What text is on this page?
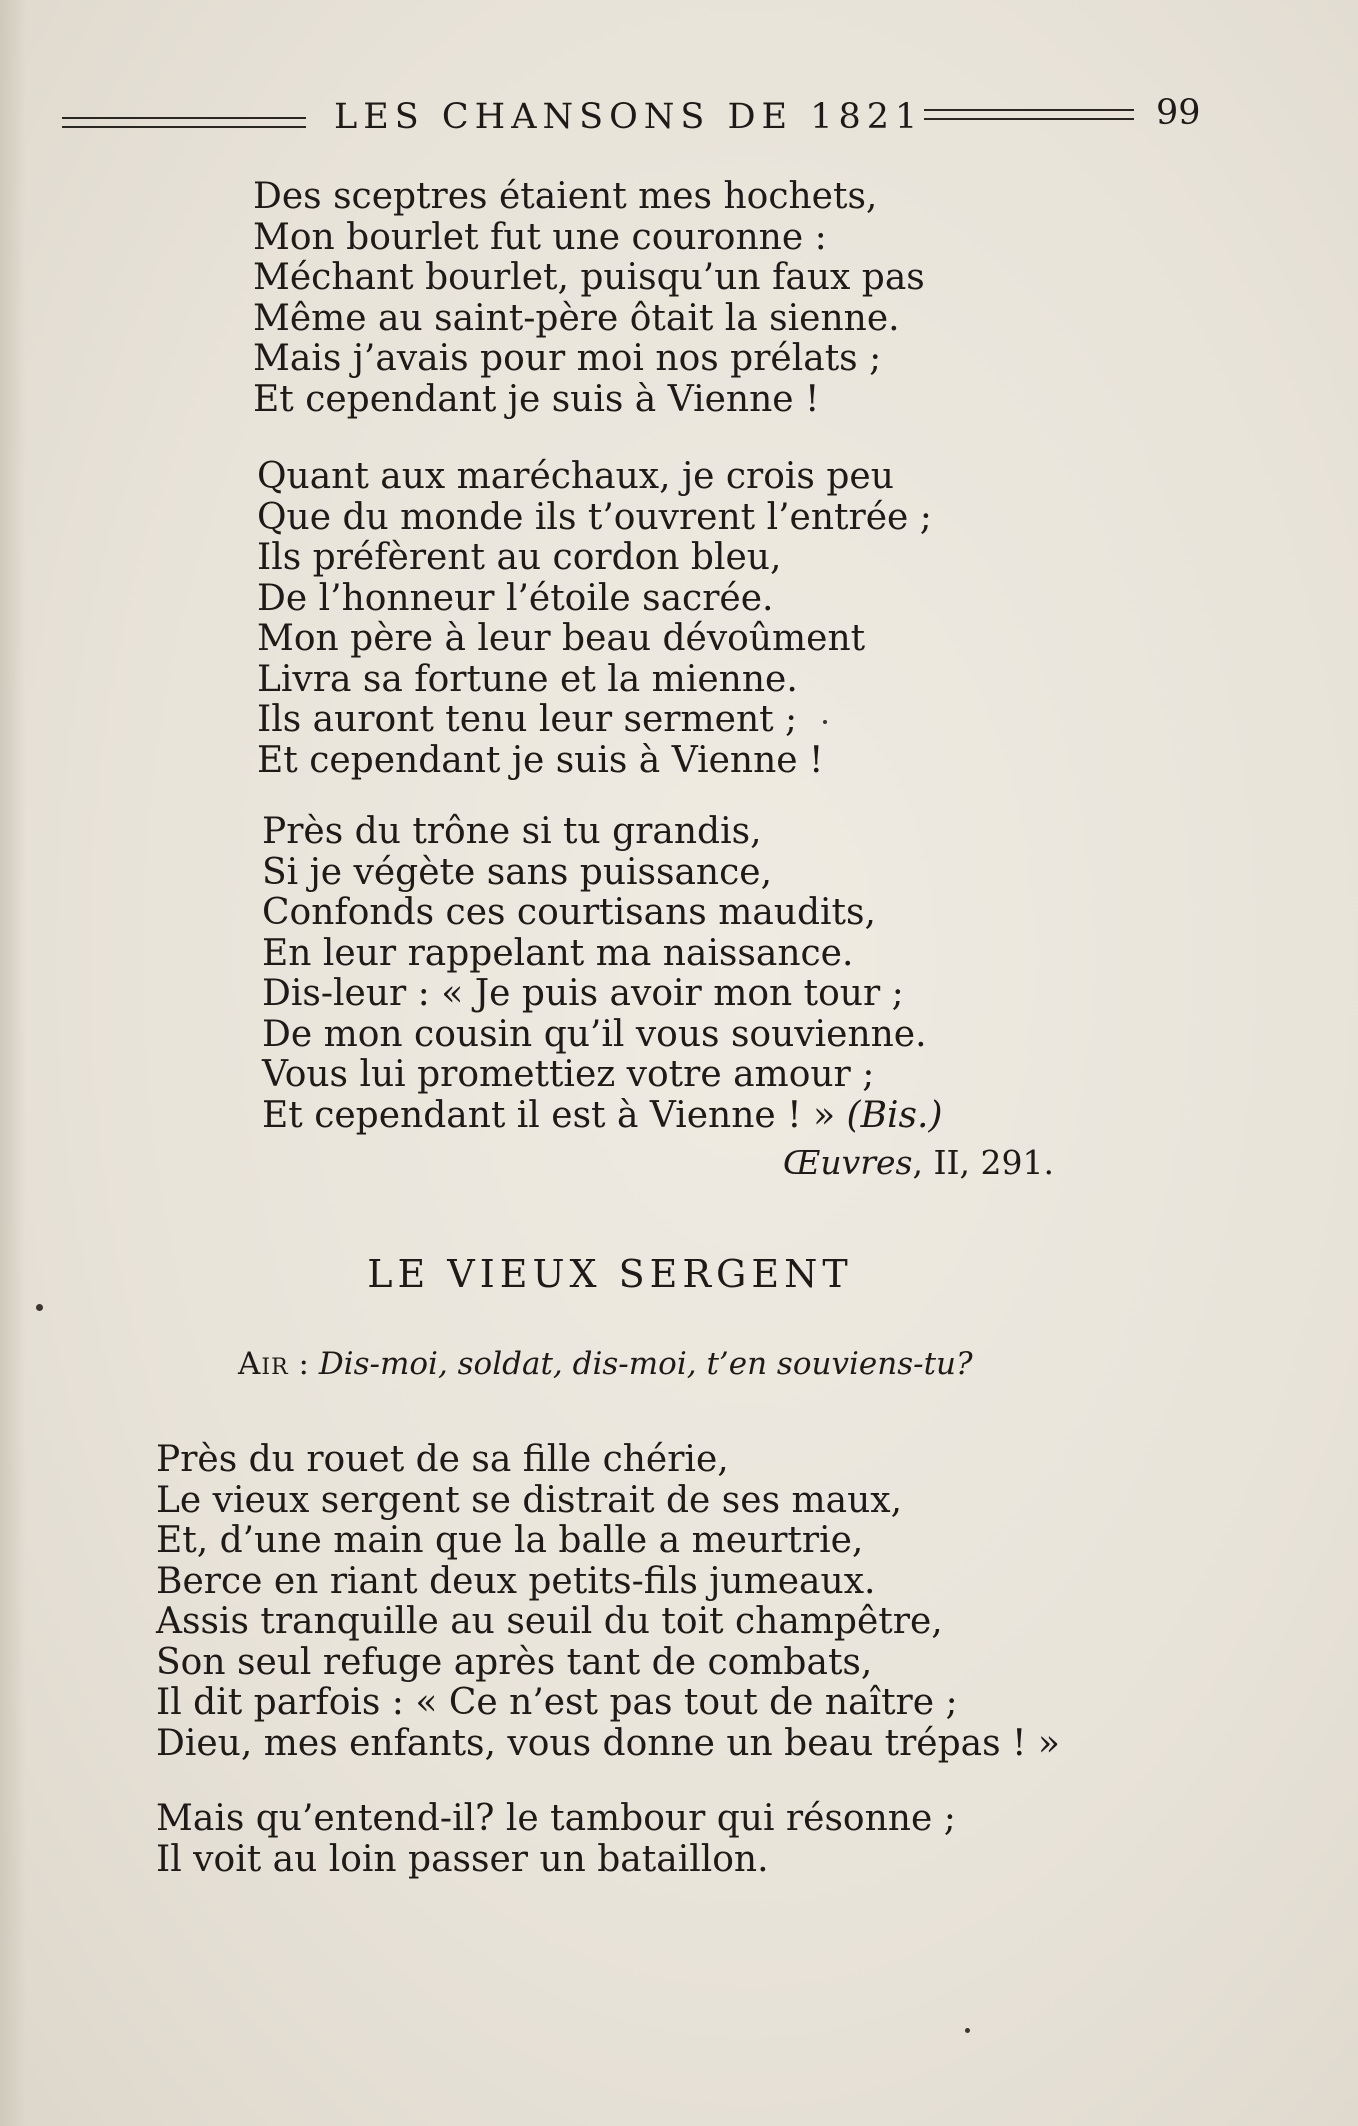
LES CHANSONS DE 1821	99
Des sceptres étaient mes hochets,
Mon bourlet fut une couronne :
Méchant bourlet, puisqu’un faux pas
Même au saint-père ôtait la sienne.
Mais j’avais pour moi nos prélats ;
Et cependant je suis à Vienne !
Quant aux maréchaux, je crois peu
Que du monde ils t’ouvrent l’entrée ;
Ils préfèrent au cordon bleu,
De l’honneur l’étoile sacrée.
Mon père à leur beau dévoûment
Livra sa fortune et la mienne.
Ils auront tenu leur serment ;
Et cependant je suis à Vienne !
Près du trône si tu grandis,
Si je végète sans puissance,
Confonds ces courtisans maudits,
En leur rappelant ma naissance.
Dis-leur : « Je puis avoir mon tour ;
De mon cousin qu’il vous souvienne.
Vous lui promettiez votre amour ;
Et cependant il est à Vienne ! » (Bis.)
Œuvres, II, 291.
LE VIEUX SERGENT
Air : Dis-moi, soldat, dis-moi, t’en souviens-tu?
Près du rouet de sa fille chérie,
Le vieux sergent se distrait de ses maux,
Et, d’une main que la balle a meurtrie,
Berce en riant deux petits-fils jumeaux.
Assis tranquille au seuil du toit champêtre,
Son seul refuge après tant de combats,
Il dit parfois : « Ce n’est pas tout de naître ;
Dieu, mes enfants, vous donne un beau trépas ! »
Mais qu’entend-il? le tambour qui résonne ;
Il voit au loin passer un bataillon.
